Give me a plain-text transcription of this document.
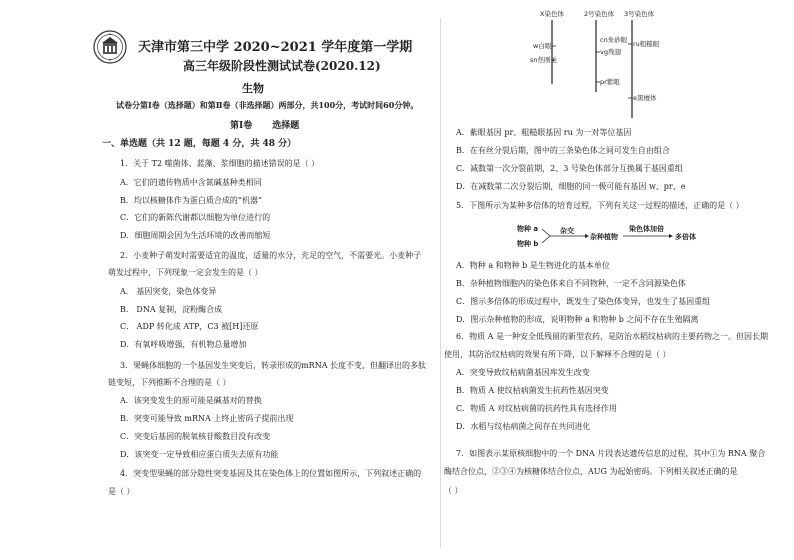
天津市第三中学 2020~2021 学年度第一学期
高三年级阶段性测试试卷(2020.12)
生物
试卷分第Ⅰ卷（选择题）和第Ⅱ卷（非选择题）两部分，共100分，考试时间60分钟。
第Ⅰ卷 选择题
一、单选题（共 12 题，每题 4 分，共 48 分）
1．关于 T2 噬菌体、蓝藻、浆细胞的描述错误的是（ ）
A．它们的遗传物质中含氮碱基种类相同
B．均以核糖体作为蛋白质合成的“机器”
C．它们的新陈代谢都以细胞为单位进行的
D．细胞周期会因为生活环境的改善而缩短
2．小麦种子萌发时需要适宜的温度，适量的水分，充足的空气，不需要光。小麦种子
萌发过程中，下列现象一定会发生的是（ ）
A． 基因突变，染色体变异
B． DNA 复制，淀粉酶合成
C． ADP 转化成 ATP，C3 被[H]还原
D．有氧呼吸增强，有机物总量增加
3．果蝇体细胞的一个基因发生突变后，转录形成的mRNA 长度不变，但翻译出的多肽
链变短，下列推断不合理的是（ ）
A．该突变发生的原可能是碱基对的替换
B．突变可能导致 mRNA 上终止密码子提前出现
C．突变后基因的脱氧核苷酸数目没有改变
D．该突变一定导致相应蛋白质失去原有功能
4．突变型果蝇的部分隐性突变基因及其在染色体上的位置如图所示，下列叙述正确的
是（ ）
X染色体	2号染色体 3号染色体
w白眼
sn焦刚毛
cn朱砂眼
vg残翅
ru粗糙眼
pr紫眼
e黑檀体
A．紫眼基因 pr、粗糙眼基因 ru 为一对等位基因
B．在有丝分裂后期，图中的三条染色体之间可发生自由组合
C．减数第一次分裂前期，2、3 号染色体部分互换属于基因重组
D．在减数第二次分裂后期，细胞的同一极可能有基因 w、pr、e
5．下图所示为某种多倍体的培育过程，下列有关这一过程的描述，正确的是（ ）
物种 a
物种 b
杂交
杂种植物
染色体加倍
多倍体
A．物种 a 和物种 b 是生物进化的基本单位
B．杂种植物细胞内的染色体来自不同物种，一定不含同源染色体
C．图示多倍体的形成过程中，既发生了染色体变异，也发生了基因重组
D．图示杂种植物的形成，说明物种 a 和物种 b 之间不存在生殖隔离
6．物质 A 是一种安全低残留的新型农药，是防治水稻纹枯病的主要药物之一。但因长期
使用，其防治纹枯病的效果有所下降，以下解释不合理的是（ ）
A．突变导致纹枯病菌基因库发生改变
B．物质 A 使纹枯病菌发生抗药性基因突变
C．物质 A 对纹枯病菌的抗药性具有选择作用
D．水稻与纹枯病菌之间存在共同进化
7．如图表示某原核细胞中的一个 DNA 片段表达遗传信息的过程，其中①为 RNA 聚合
酶结合位点，②③④为核糖体结合位点，AUG 为起始密码。下列相关叙述正确的是
（ ）
